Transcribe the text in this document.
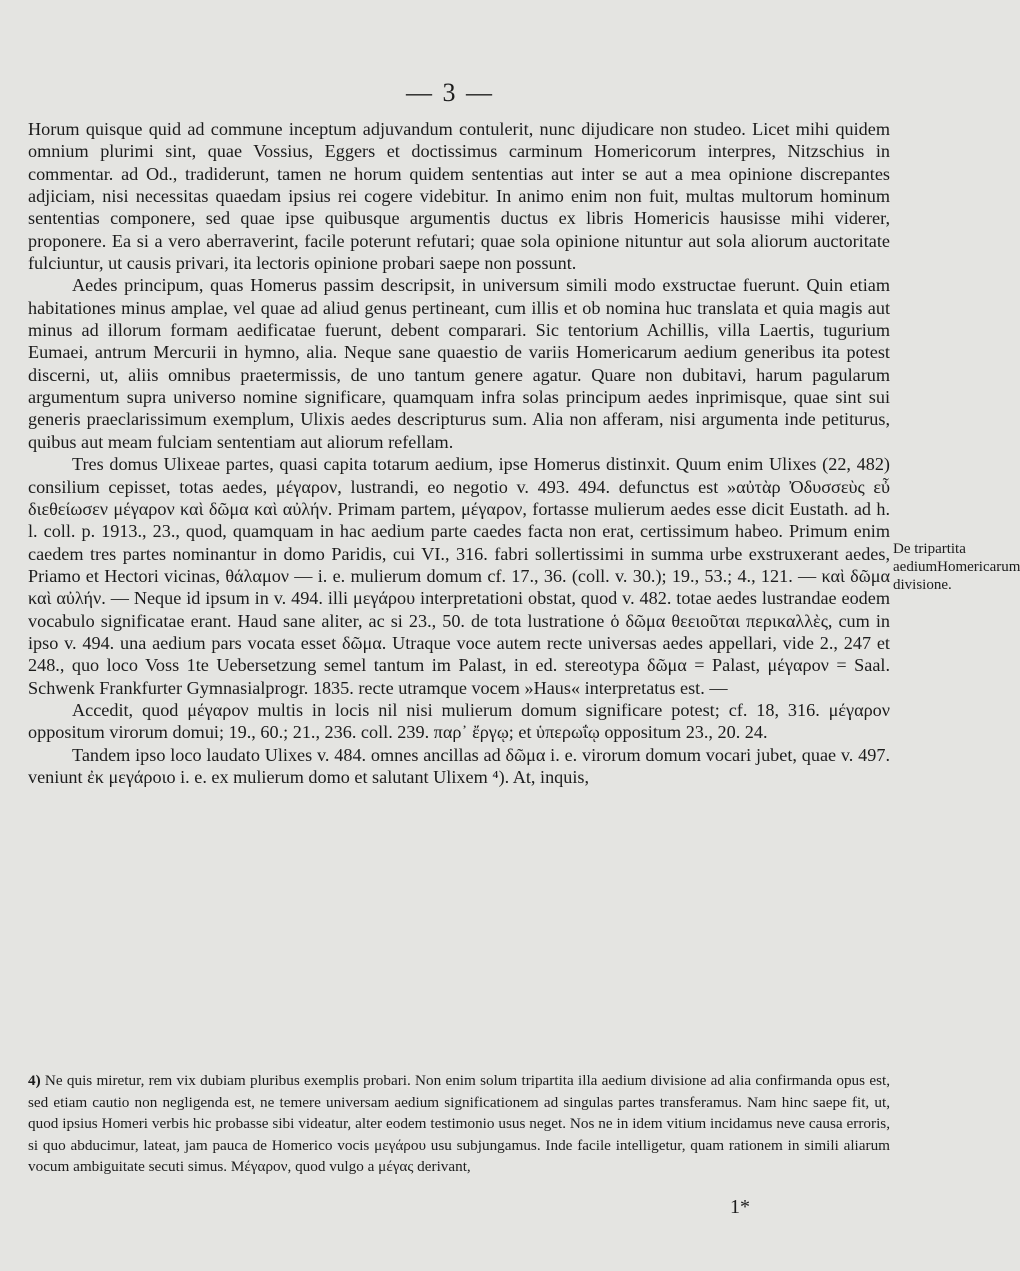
— 3 —

Horum quisque quid ad commune inceptum adjuvandum contulerit, nunc dijudicare non studeo. Licet mihi quidem omnium plurimi sint, quae Vossius, Eggers et doctissimus carminum Homericorum interpres, Nitzschius in commentar. ad Od., tradiderunt, tamen ne horum quidem sententias aut inter se aut a mea opinione discrepantes adjiciam, nisi necessitas quaedam ipsius rei cogere videbitur. In animo enim non fuit, multas multorum hominum sententias componere, sed quae ipse quibusque argumentis ductus ex libris Homericis hausisse mihi viderer, proponere. Ea si a vero aberraverint, facile poterunt refutari; quae sola opinione nituntur aut sola aliorum auctoritate fulciuntur, ut causis privari, ita lectoris opinione probari saepe non possunt.

Aedes principum, quas Homerus passim descripsit, in universum simili modo exstructae fuerunt. Quin etiam habitationes minus amplae, vel quae ad aliud genus pertineant, cum illis et ob nomina huc translata et quia magis aut minus ad illorum formam aedificatae fuerunt, debent comparari. Sic tentorium Achillis, villa Laertis, tugurium Eumaei, antrum Mercurii in hymno, alia. Neque sane quaestio de variis Homericarum aedium generibus ita potest discerni, ut, aliis omnibus praetermissis, de uno tantum genere agatur. Quare non dubitavi, harum pagularum argumentum supra universo nomine significare, quamquam infra solas principum aedes inprimisque, quae sint sui generis praeclarissimum exemplum, Ulixis aedes descripturus sum. Alia non afferam, nisi argumenta inde petiturus, quibus aut meam fulciam sententiam aut aliorum refellam.

Tres domus Ulixeae partes, quasi capita totarum aedium, ipse Homerus distinxit. Quum enim Ulixes (22, 482) consilium cepisset, totas aedes, μέγαρον, lustrandi, eo negotio v. 493. 494. defunctus est »αὐτὰρ Ὀδυσσεὺς εὖ διεθείωσεν μέγαρον καὶ δῶμα καὶ αὐλήν. Primam partem, μέγαρον, fortasse mulierum aedes esse dicit Eustath. ad h. l. coll. p. 1913., 23., quod, quamquam in hac aedium parte caedes facta non erat, certissimum habeo. Primum enim caedem tres partes nominantur in domo Paridis, cui VI., 316. fabri sollertissimi in summa urbe exstruxerant aedes, Priamo et Hectori vicinas, θάλαμον — i. e. mulierum domum cf. 17., 36. (coll. v. 30.); 19., 53.; 4., 121. — καὶ δῶμα καὶ αὐλήν. — Neque id ipsum in v. 494. illi μεγάρου interpretationi obstat, quod v. 482. totae aedes lustrandae eodem vocabulo significatae erant. Haud sane aliter, ac si 23., 50. de tota lustratione ὁ δῶμα θεειοῦται περικαλλὲς, cum in ipso v. 494. una aedium pars vocata esset δῶμα. Utraque voce autem recte universas aedes appellari, vide 2., 247 et 248., quo loco Voss 1te Uebersetzung semel tantum im Palast, in ed. stereotypa δῶμα = Palast, μέγαρον = Saal. Schwenk Frankfurter Gymnasialprogr. 1835. recte utramque vocem »Haus« interpretatus est. —

Accedit, quod μέγαρον multis in locis nil nisi mulierum domum significare potest; cf. 18, 316. μέγαρον oppositum virorum domui; 19., 60.; 21., 236. coll. 239. παρ᾽ ἔργῳ; et ὑπερωΐῳ oppositum 23., 20. 24.

Tandem ipso loco laudato Ulixes v. 484. omnes ancillas ad δῶμα i. e. virorum domum vocari jubet, quae v. 497. veniunt ἐκ μεγάροιο i. e. ex mulierum domo et salutant Ulixem ⁴). At, inquis,

De tripartita aediumHomericarum divisione.
4) Ne quis miretur, rem vix dubiam pluribus exemplis probari. Non enim solum tripartita illa aedium divisione ad alia confirmanda opus est, sed etiam cautio non negligenda est, ne temere universam aedium significationem ad singulas partes transferamus. Nam hinc saepe fit, ut, quod ipsius Homeri verbis hic probasse sibi videatur, alter eodem testimonio usus neget. Nos ne in idem vitium incidamus neve causa erroris, si quo abducimur, lateat, jam pauca de Homerico vocis μεγάρου usu subjungamus. Inde facile intelligetur, quam rationem in simili aliarum vocum ambiguitate secuti simus. Μέγαρον, quod vulgo a μέγας derivant,
1*
